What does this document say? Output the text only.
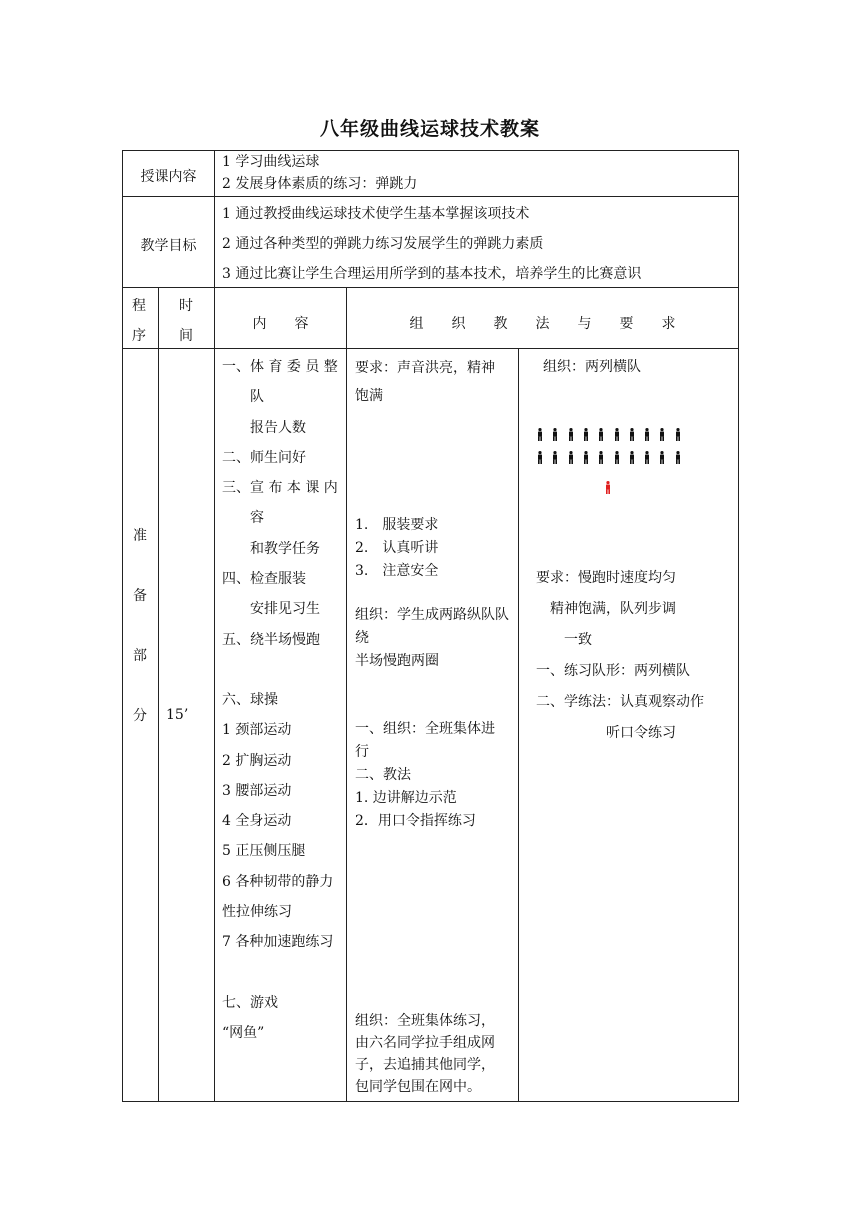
八年级曲线运球技术教案
授课内容
1 学习曲线运球
2 发展身体素质的练习：弹跳力
教学目标
1 通过教授曲线运球技术使学生基本掌握该项技术
2 通过各种类型的弹跳力练习发展学生的弹跳力素质
3 通过比赛让学生合理运用所学到的基本技术，培养学生的比赛意识
程
序
时
间
内　　容	组　　织　　教　　法　　与　　要　　求
准
备
部
分 15’
一、体 育 委 员 整
　　队
　　报告人数
二、师生问好
三、宣 布 本 课 内
　　容
　　和教学任务
四、检查服装
　　安排见习生
五、绕半场慢跑
六、球操
1 颈部运动
2 扩胸运动
3 腰部运动
4 全身运动
5 正压侧压腿
6 各种韧带的静力
性拉伸练习
7 各种加速跑练习
七、游戏
“网鱼”
要求：声音洪亮，精神
饱满
1.　服装要求
2.　认真听讲
3.　注意安全
组织：学生成两路纵队队
绕
半场慢跑两圈
一、组织：全班集体进
行
二、教法
1. 边讲解边示范
2．用口令指挥练习
组织：全班集体练习，
由六名同学拉手组成网
子，去追捕其他同学，
包同学包围在网中。
组织：两列横队
要求：慢跑时速度均匀
　精神饱满，队列步调
　　一致
一、练习队形：两列横队
二、学练法：认真观察动作
　　　　　听口令练习
